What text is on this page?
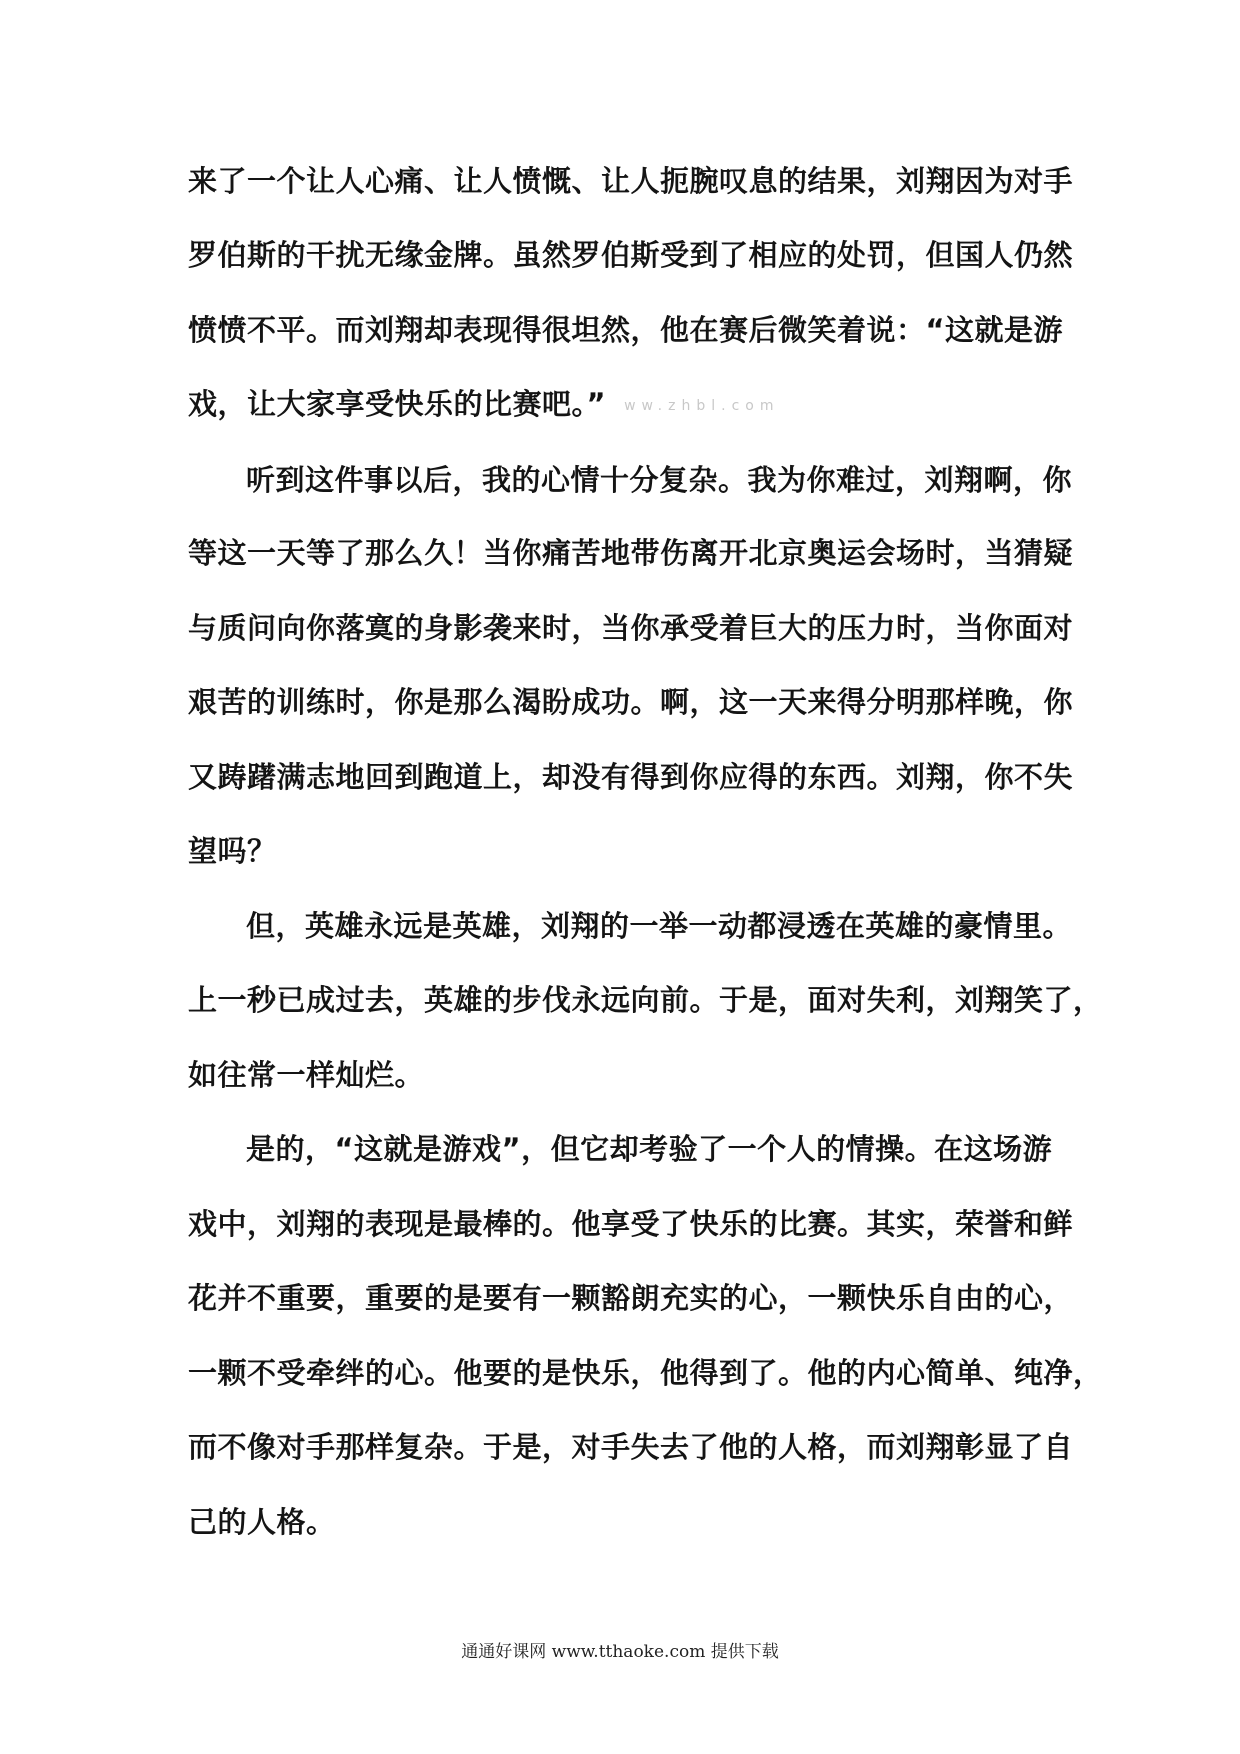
来了一个让人心痛、让人愤慨、让人扼腕叹息的结果，刘翔因为对手

罗伯斯的干扰无缘金牌。虽然罗伯斯受到了相应的处罚，但国人仍然

愤愤不平。而刘翔却表现得很坦然，他在赛后微笑着说：“这就是游

戏，让大家享受快乐的比赛吧。” ww.zhbl.com

听到这件事以后，我的心情十分复杂。我为你难过，刘翔啊，你

等这一天等了那么久！当你痛苦地带伤离开北京奥运会场时，当猜疑

与质问向你落寞的身影袭来时，当你承受着巨大的压力时，当你面对

艰苦的训练时，你是那么渴盼成功。啊，这一天来得分明那样晚，你

又踌躇满志地回到跑道上，却没有得到你应得的东西。刘翔，你不失

望吗？

但，英雄永远是英雄，刘翔的一举一动都浸透在英雄的豪情里。

上一秒已成过去，英雄的步伐永远向前。于是，面对失利，刘翔笑了，

如往常一样灿烂。

是的，“这就是游戏”，但它却考验了一个人的情操。在这场游

戏中，刘翔的表现是最棒的。他享受了快乐的比赛。其实，荣誉和鲜

花并不重要，重要的是要有一颗豁朗充实的心，一颗快乐自由的心，

一颗不受牵绊的心。他要的是快乐，他得到了。他的内心简单、纯净，

而不像对手那样复杂。于是，对手失去了他的人格，而刘翔彰显了自

己的人格。

通通好课网 www.tthaoke.com 提供下载
